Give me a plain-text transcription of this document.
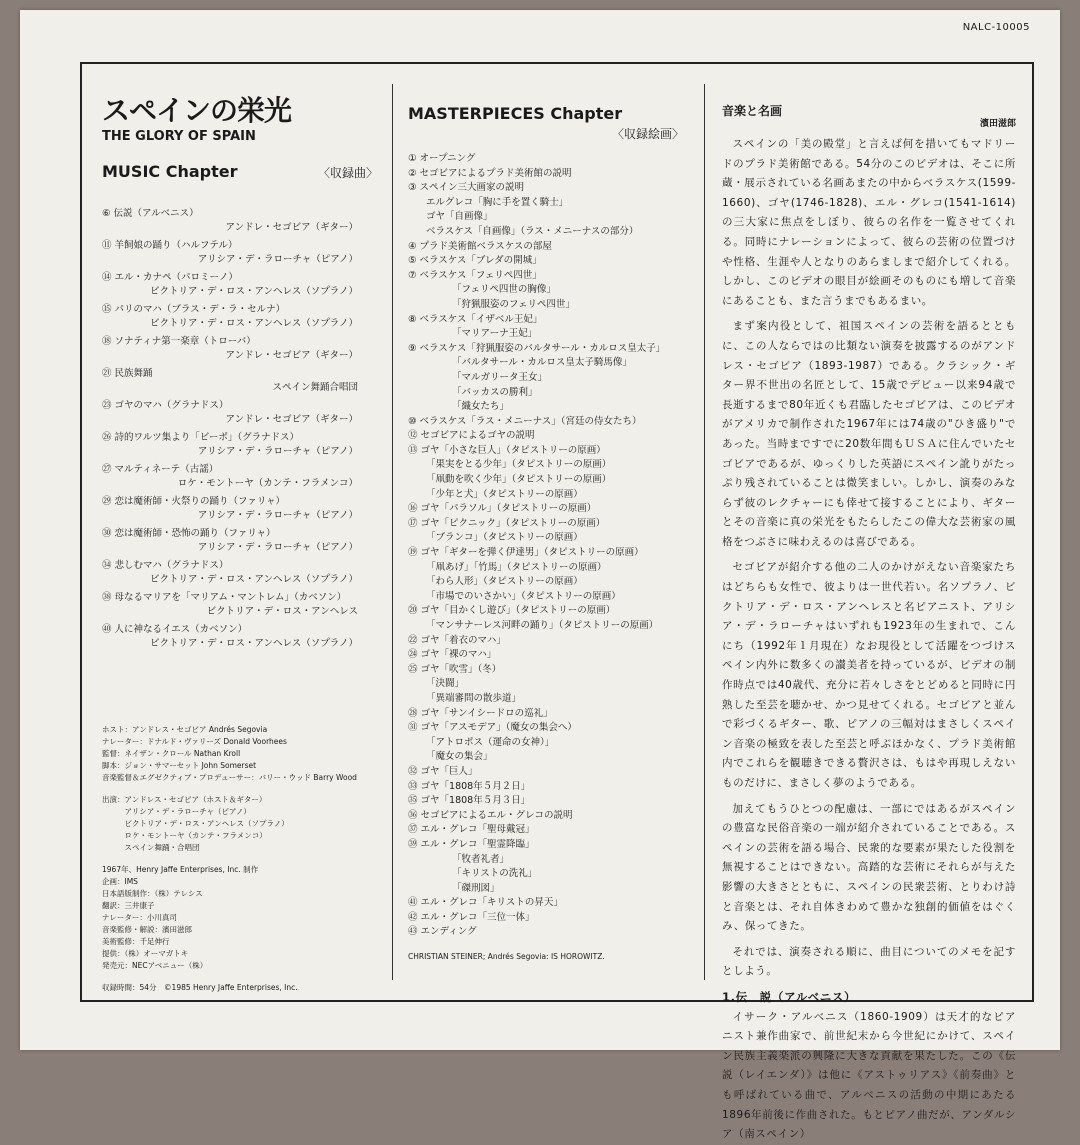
NALC-10005
スペインの栄光
THE GLORY OF SPAIN
MUSIC Chapter	〈収録曲〉
⑥ 伝説（アルベニス）
アンドレ・セゴビア（ギター）
⑪ 羊飼娘の踊り（ハルフテル）
アリシア・デ・ラローチャ（ピアノ）
⑭ エル・カナペ（パロミーノ）
ビクトリア・デ・ロス・アンヘレス（ソプラノ）
⑮ パリのマハ（ブラス・デ・ラ・セルナ）
ビクトリア・デ・ロス・アンヘレス（ソプラノ）
⑱ ソナティナ第一楽章（トローバ）
アンドレ・セゴビア（ギター）
㉑ 民族舞踊
スペイン舞踊合唱団
㉓ ゴヤのマハ（グラナドス）
アンドレ・セゴビア（ギター）
㉖ 詩的ワルツ集より「ビーボ」（グラナドス）
アリシア・デ・ラローチャ（ピアノ）
㉗ マルティネーテ（古謡）
ロケ・モントーヤ（カンテ・フラメンコ）
㉙ 恋は魔術師・火祭りの踊り（ファリャ）
アリシア・デ・ラローチャ（ピアノ）
㉚ 恋は魔術師・恐怖の踊り（ファリャ）
アリシア・デ・ラローチャ（ピアノ）
㉞ 悲しむマハ（グラナドス）
ビクトリア・デ・ロス・アンヘレス（ソプラノ）
㊳ 母なるマリアを「マリアム・マントレム」（カベソン）
ビクトリア・デ・ロス・アンヘレス
㊵ 人に神なるイエス（カベソン）
ビクトリア・デ・ロス・アンヘレス（ソプラノ）

ホスト：アンドレス・セゴビア Andrés Segovia

ナレーター：ドナルド・ヴァリーズ Donald Voorhees

監督：ネイザン・クロール Nathan Kroll

脚本：ジョン・サマーセット John Somerset

音楽監督＆エグゼクティブ・プロデューサー：バリー・ウッド Barry Wood

出演：アンドレス・セゴビア（ホスト＆ギター）

　　　アリシア・デ・ラローチャ（ピアノ）

　　　ビクトリア・デ・ロス・アンヘレス（ソプラノ）

　　　ロケ・モントーヤ（カンテ・フラメンコ）

　　　スペイン舞踊・合唱団

1967年、Henry Jaffe Enterprises, Inc. 制作

企画：IMS

日本語版制作：（株）テレシス

翻訳：三井康子

ナレーター：小川真司

音楽監修・解説：濱田滋郎

美術監修：千足伸行

提供：（株）オーマガトキ

発売元：NECアベニュー（株）

収録時間：54分　©1985 Henry Jaffe Enterprises, Inc.

MASTERPIECES Chapter
〈収録絵画〉
① オープニング
② セゴビアによるプラド美術館の説明
③ スペイン三大画家の説明
エルグレコ「胸に手を置く騎士」
ゴヤ「自画像」
ベラスケス「自画像」（ラス・メニーナスの部分）
④ プラド美術館ベラスケスの部屋
⑤ ベラスケス「ブレダの開城」
⑦ ベラスケス「フェリペ四世」
「フェリペ四世の胸像」
「狩猟服姿のフェリペ四世」
⑧ ベラスケス「イザベル王妃」
「マリアーナ王妃」
⑨ ベラスケス「狩猟服姿のバルタサール・カルロス皇太子」
「バルタサール・カルロス皇太子騎馬像」
「マルガリータ王女」
「バッカスの勝利」
「織女たち」
⑩ ベラスケス「ラス・メニーナス」（宮廷の侍女たち）
⑫ セゴビアによるゴヤの説明
⑬ ゴヤ「小さな巨人」（タピストリーの原画）
「果実をとる少年」（タピストリーの原画）
「凧動を吹く少年」（タピストリーの原画）
「少年と犬」（タピストリーの原画）
⑯ ゴヤ「パラソル」（タピストリーの原画）
⑰ ゴヤ「ピクニック」（タピストリーの原画）
「ブランコ」（タピストリーの原画）
⑲ ゴヤ「ギターを弾く伊達男」（タピストリーの原画）
「凧あげ」「竹馬」（タピストリーの原画）
「わら人形」（タピストリーの原画）
「市場でのいさかい」（タピストリーの原画）
⑳ ゴヤ「目かくし遊び」（タピストリーの原画）
「マンサナーレス河畔の踊り」（タピストリーの原画）
㉒ ゴヤ「着衣のマハ」
㉔ ゴヤ「裸のマハ」
㉕ ゴヤ「吹雪」（冬）
「決闘」
「異端審問の散歩道」
㉘ ゴヤ「サンイシードロの巡礼」
㉛ ゴヤ「アスモデア」（魔女の集会へ）
「アトロポス（運命の女神）」
「魔女の集会」
㉜ ゴヤ「巨人」
㉝ ゴヤ「1808年５月２日」
㉟ ゴヤ「1808年５月３日」
㊱ セゴビアによるエル・グレコの説明
㊲ エル・グレコ「聖母戴冠」
㊴ エル・グレコ「聖霊降臨」
「牧者礼者」
「キリストの洗礼」
「磔刑図」
㊶ エル・グレコ「キリストの昇天」
㊷ エル・グレコ「三位一体」
㊸ エンディング
CHRISTIAN STEINER; Andrés Segovia: IS HOROWITZ.
音楽と名画
濱田滋郎

スペインの「美の殿堂」と言えば何を措いてもマドリードのプラド美術館である。54分のこのビデオは、そこに所蔵・展示されている名画あまたの中からベラスケス(1599-1660)、ゴヤ(1746-1828)、エル・グレコ(1541-1614)の三大家に焦点をしぼり、彼らの名作を一覧させてくれる。同時にナレーションによって、彼らの芸術の位置づけや性格、生涯や人となりのあらましまで紹介してくれる。しかし、このビデオの眼目が絵画そのものにも増して音楽にあることも、また言うまでもあるまい。

まず案内役として、祖国スペインの芸術を語るとともに、この人ならではの比類ない演奏を披露するのがアンドレス・セゴビア（1893-1987）である。クラシック・ギター界不世出の名匠として、15歳でデビュー以来94歳で長逝するまで80年近くも君臨したセゴビアは、このビデオがアメリカで制作された1967年には74歳の"ひき盛り"であった。当時まですでに20数年間もＵＳＡに住んでいたセゴビアであるが、ゆっくりした英語にスペイン訛りがたっぷり残されていることは微笑ましい。しかし、演奏のみならず彼のレクチャーにも倖せて接することにより、ギターとその音楽に真の栄光をもたらしたこの偉大な芸術家の風格をつぶさに味わえるのは喜びである。

セゴビアが紹介する他の二人のかけがえない音楽家たちはどちらも女性で、彼よりは一世代若い。名ソプラノ、ビクトリア・デ・ロス・アンヘレスと名ピアニスト、アリシア・デ・ラローチャはいずれも1923年の生まれで、こんにち（1992年１月現在）なお現役として活躍をつづけスペイン内外に数多くの讃美者を持っているが、ビデオの制作時点では40歳代、充分に若々しさをとどめると同時に円熟した至芸を聴かせ、かつ見せてくれる。セゴビアと並んで彩づくるギター、歌、ピアノの三幅対はまさしくスペイン音楽の極致を表した至芸と呼ぶほかなく、プラド美術館内でこれらを観聴きできる贅沢さは、もはや再現しえないものだけに、まさしく夢のようである。

加えてもうひとつの配慮は、一部にではあるがスペインの豊富な民俗音楽の一端が紹介されていることである。スペインの芸術を語る場合、民衆的な要素が果たした役割を無視することはできない。高踏的な芸術にそれらが与えた影響の大きさとともに、スペインの民衆芸術、とりわけ詩と音楽とは、それ自体きわめて豊かな独創的価値をはぐくみ、保ってきた。

それでは、演奏される順に、曲目についてのメモを記すとしよう。

1.伝　説（アルベニス）

イサーク・アルベニス（1860-1909）は天才的なピアニスト兼作曲家で、前世紀末から今世紀にかけて、スペイン民族主義楽派の興隆に大きな貢献を果たした。この《伝説（レイエンダ）》は他に《アストゥリアス》《前奏曲》とも呼ばれている曲で、アルベニスの活動の中期にあたる1896年前後に作曲された。もとピアノ曲だが、アンダルシア（南スペイン）
